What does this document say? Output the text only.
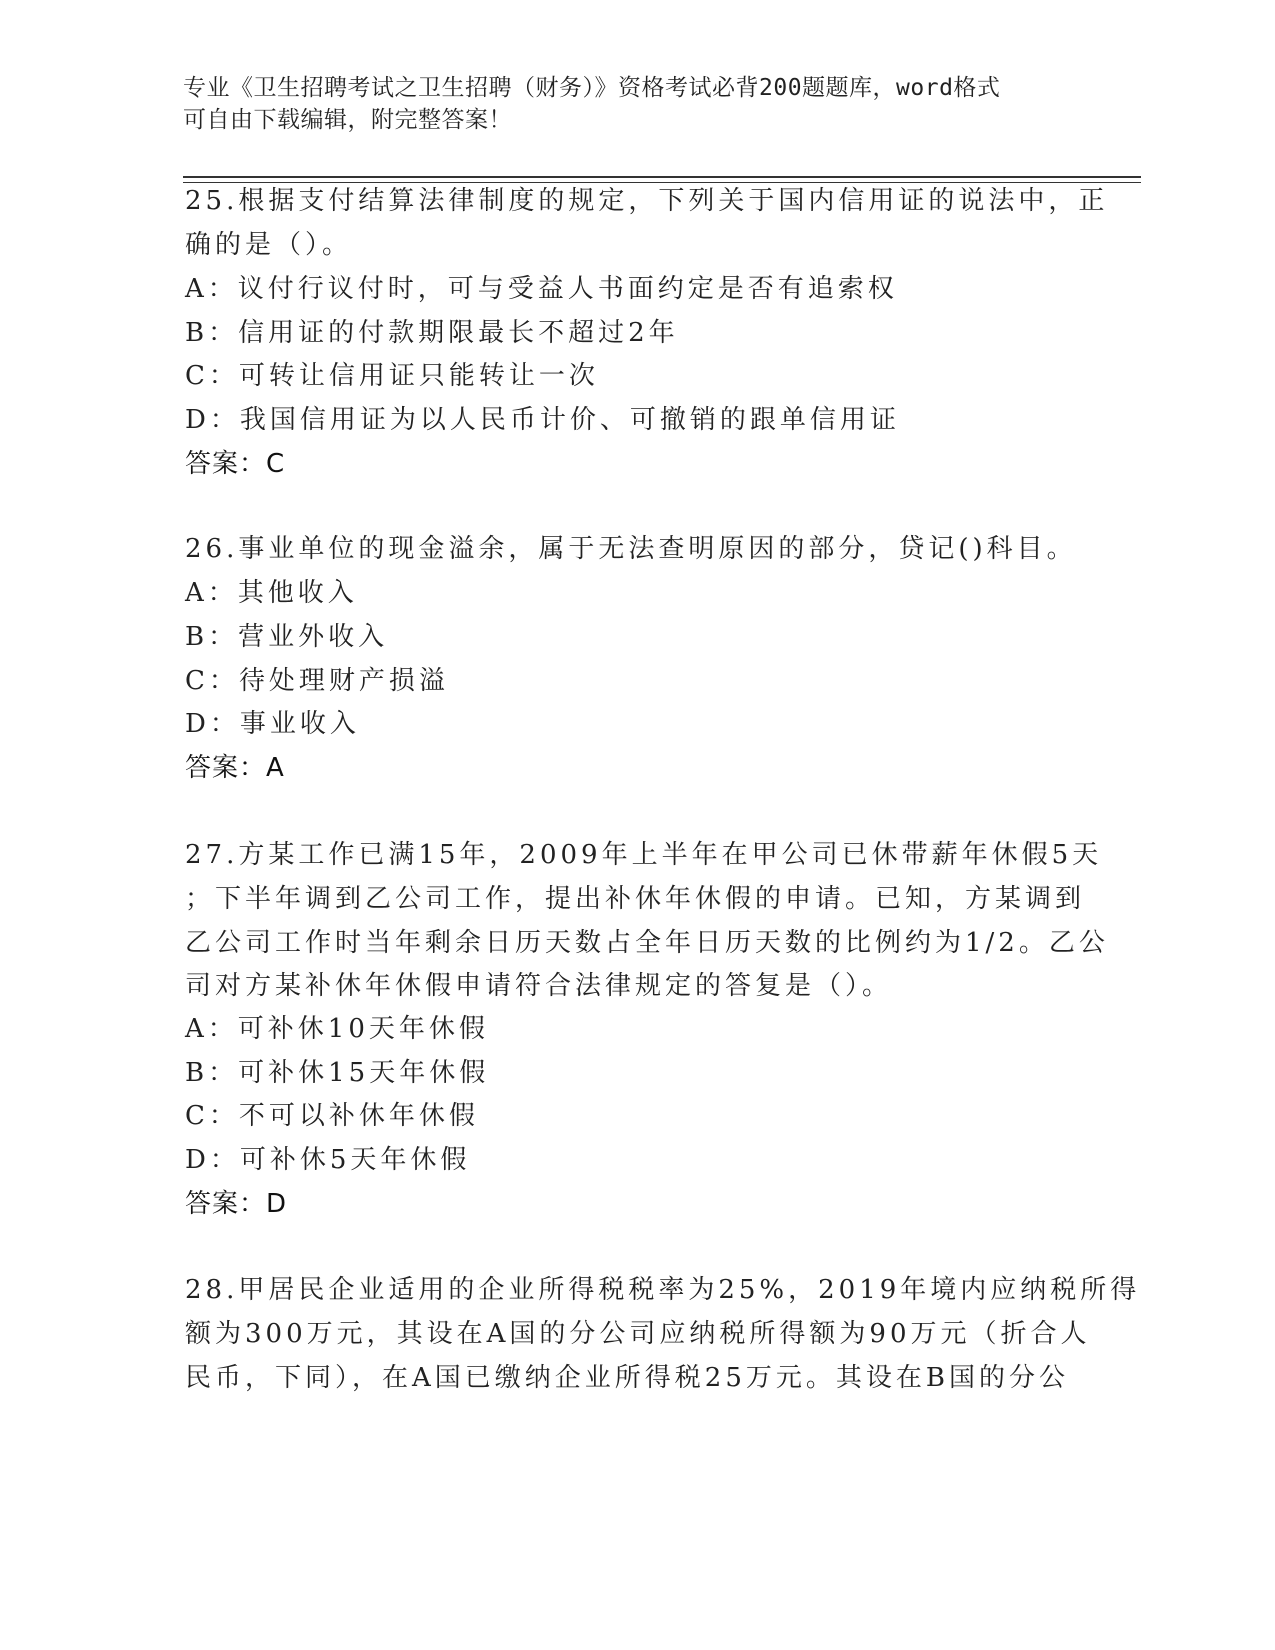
专业《卫生招聘考试之卫生招聘（财务）》资格考试必背200题题库，word格式
可自由下载编辑，附完整答案！
25.根据支付结算法律制度的规定，下列关于国内信用证的说法中，正
确的是（）。
A：议付行议付时，可与受益人书面约定是否有追索权
B：信用证的付款期限最长不超过2年
C：可转让信用证只能转让一次
D：我国信用证为以人民币计价、可撤销的跟单信用证
答案：C
26.事业单位的现金溢余，属于无法查明原因的部分，贷记()科目。
A：其他收入
B：营业外收入
C：待处理财产损溢
D：事业收入
答案：A
27.方某工作已满15年，2009年上半年在甲公司已休带薪年休假5天
；下半年调到乙公司工作，提出补休年休假的申请。已知，方某调到
乙公司工作时当年剩余日历天数占全年日历天数的比例约为1/2。乙公
司对方某补休年休假申请符合法律规定的答复是（）。
A：可补休10天年休假
B：可补休15天年休假
C：不可以补休年休假
D：可补休5天年休假
答案：D
28.甲居民企业适用的企业所得税税率为25%，2019年境内应纳税所得
额为300万元，其设在A国的分公司应纳税所得额为90万元（折合人
民币，下同），在A国已缴纳企业所得税25万元。其设在B国的分公
